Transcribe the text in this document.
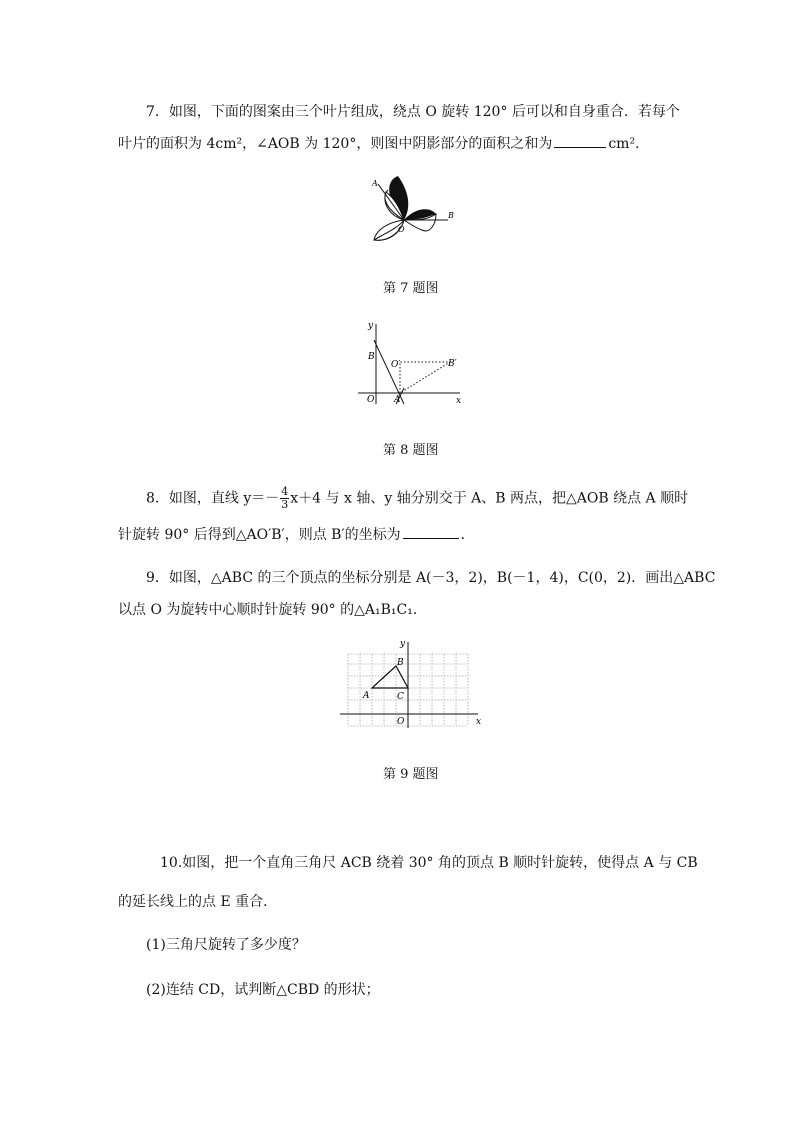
7．如图，下面的图案由三个叶片组成，绕点 O 旋转 120° 后可以和自身重合．若每个
叶片的面积为 4cm²，∠AOB 为 120°，则图中阴影部分的面积之和为	cm².
A
B
O
第 7 题图
y
x
B
O′	B′
O A
第 8 题图
8．如图，直线 $y=- \frac{4}{3} x+4$ 与 x 轴、y 轴分别交于 A、B 两点，把△AOB 绕点 A 顺时
针旋转 90° 后得到△AO′B′，则点 B′的坐标为	．
9．如图，△ABC 的三个顶点的坐标分别是 A(－3，2)，B(－1，4)，C(0，2)．画出△ABC
以点 O 为旋转中心顺时针旋转 90° 的△A₁B₁C₁.
y
x
A
B
C
O
第 9 题图
10.如图，把一个直角三角尺 ACB 绕着 30° 角的顶点 B 顺时针旋转，使得点 A 与 CB
的延长线上的点 E 重合．
(1)三角尺旋转了多少度？
(2)连结 CD，试判断△CBD 的形状；
